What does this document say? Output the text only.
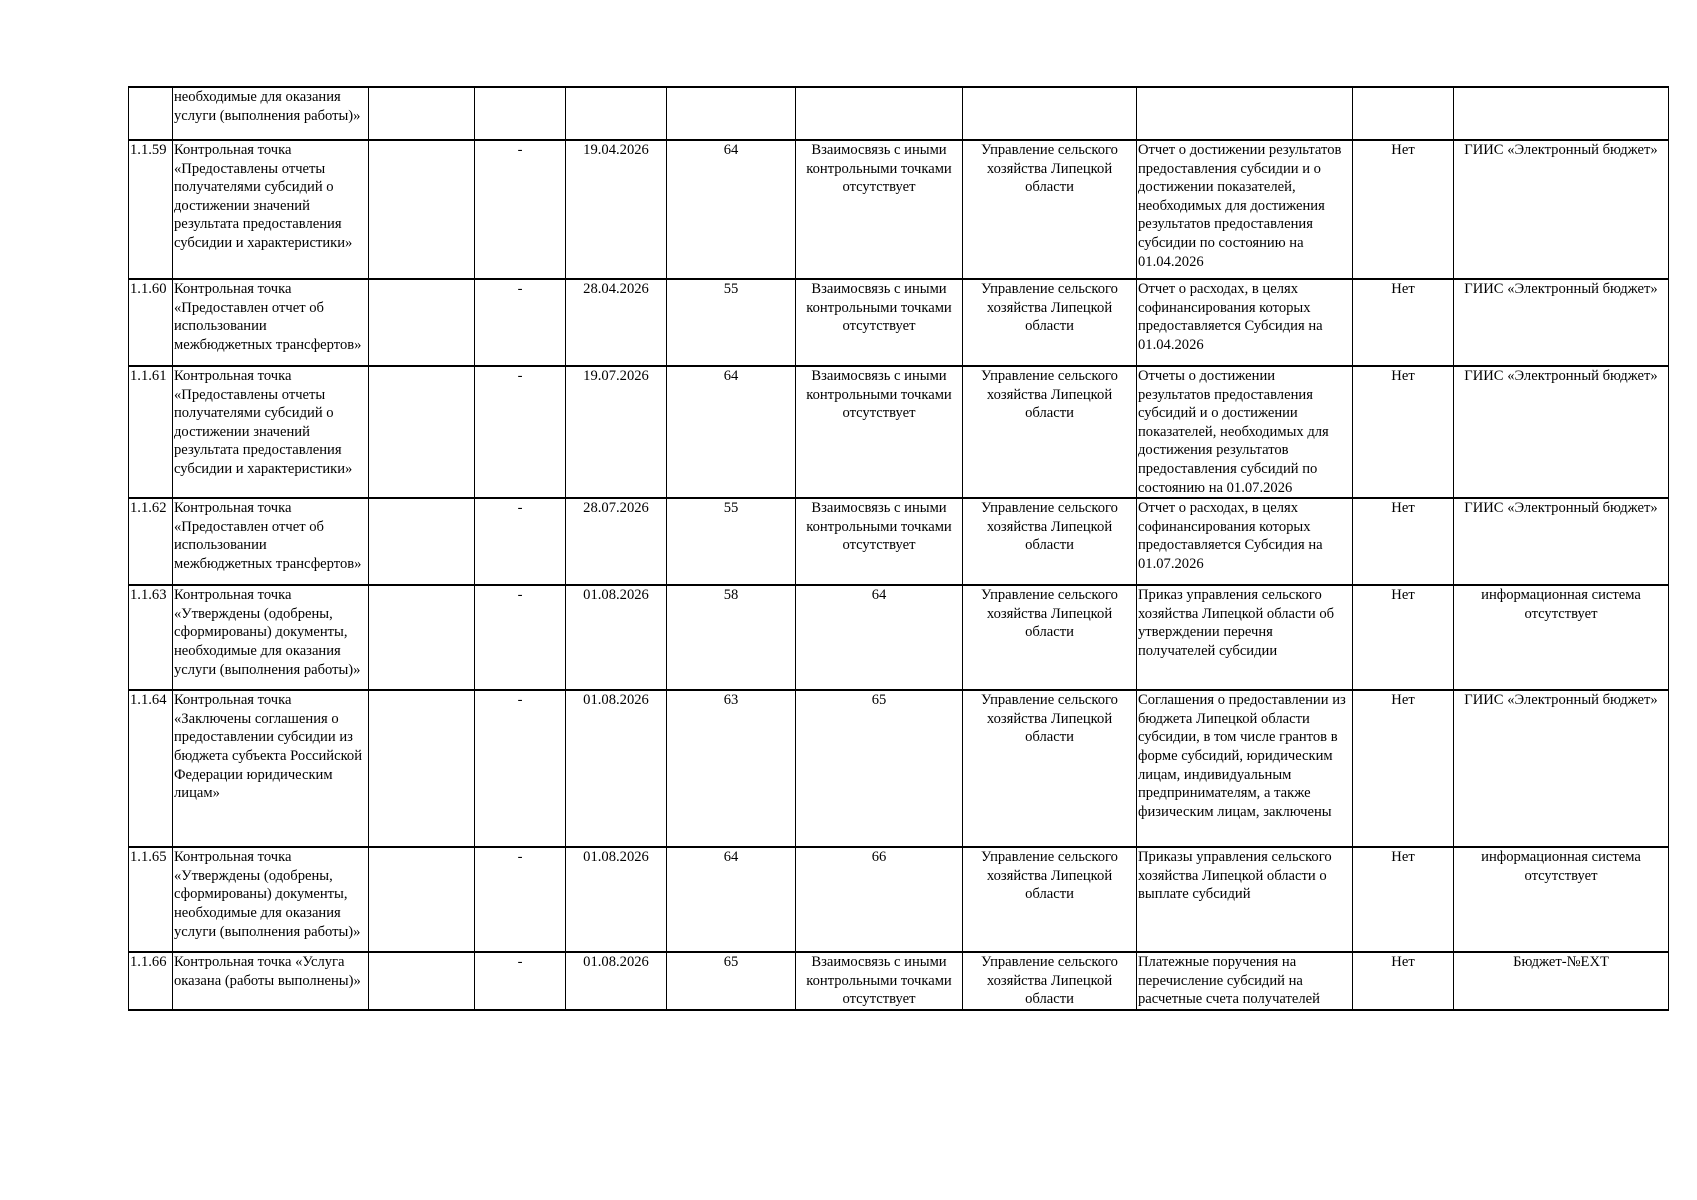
	необходимые для оказания услуги (выполнения работы)»									
1.1.59	Контрольная точка «Предоставлены отчеты получателями субсидий о достижении значений результата предоставления субсидии и характеристики»		-	19.04.2026	64	Взаимосвязь с иными контрольными точками отсутствует	Управление сельского хозяйства Липецкой области	Отчет о достижении результатов предоставления субсидии и о достижении показателей, необходимых для достижения результатов предоставления субсидии по состоянию на 01.04.2026	Нет	ГИИС «Электронный бюджет»
1.1.60	Контрольная точка «Предоставлен отчет об использовании межбюджетных трансфертов»		-	28.04.2026	55	Взаимосвязь с иными контрольными точками отсутствует	Управление сельского хозяйства Липецкой области	Отчет о расходах, в целях софинансирования которых предоставляется Субсидия на 01.04.2026	Нет	ГИИС «Электронный бюджет»
1.1.61	Контрольная точка «Предоставлены отчеты получателями субсидий о достижении значений результата предоставления субсидии и характеристики»		-	19.07.2026	64	Взаимосвязь с иными контрольными точками отсутствует	Управление сельского хозяйства Липецкой области	Отчеты о достижении результатов предоставления субсидий и о достижении показателей, необходимых для достижения результатов предоставления субсидий по состоянию на 01.07.2026	Нет	ГИИС «Электронный бюджет»
1.1.62	Контрольная точка «Предоставлен отчет об использовании межбюджетных трансфертов»		-	28.07.2026	55	Взаимосвязь с иными контрольными точками отсутствует	Управление сельского хозяйства Липецкой области	Отчет о расходах, в целях софинансирования которых предоставляется Субсидия на 01.07.2026	Нет	ГИИС «Электронный бюджет»
1.1.63	Контрольная точка «Утверждены (одобрены, сформированы) документы, необходимые для оказания услуги (выполнения работы)»		-	01.08.2026	58	64	Управление сельского хозяйства Липецкой области	Приказ управления сельского хозяйства Липецкой области об утверждении перечня получателей субсидии	Нет	информационная система отсутствует
1.1.64	Контрольная точка «Заключены соглашения о предоставлении субсидии из бюджета субъекта Российской Федерации юридическим лицам»		-	01.08.2026	63	65	Управление сельского хозяйства Липецкой области	Соглашения о предоставлении из бюджета Липецкой области субсидии, в том числе грантов в форме субсидий, юридическим лицам, индивидуальным предпринимателям, а также физическим лицам, заключены	Нет	ГИИС «Электронный бюджет»
1.1.65	Контрольная точка «Утверждены (одобрены, сформированы) документы, необходимые для оказания услуги (выполнения работы)»		-	01.08.2026	64	66	Управление сельского хозяйства Липецкой области	Приказы управления сельского хозяйства Липецкой области о выплате субсидий	Нет	информационная система отсутствует
1.1.66	Контрольная точка «Услуга оказана (работы выполнены)»		-	01.08.2026	65	Взаимосвязь с иными контрольными точками отсутствует	Управление сельского хозяйства Липецкой области	Платежные поручения на перечисление субсидий на расчетные счета получателей	Нет	Бюджет-№EXT
